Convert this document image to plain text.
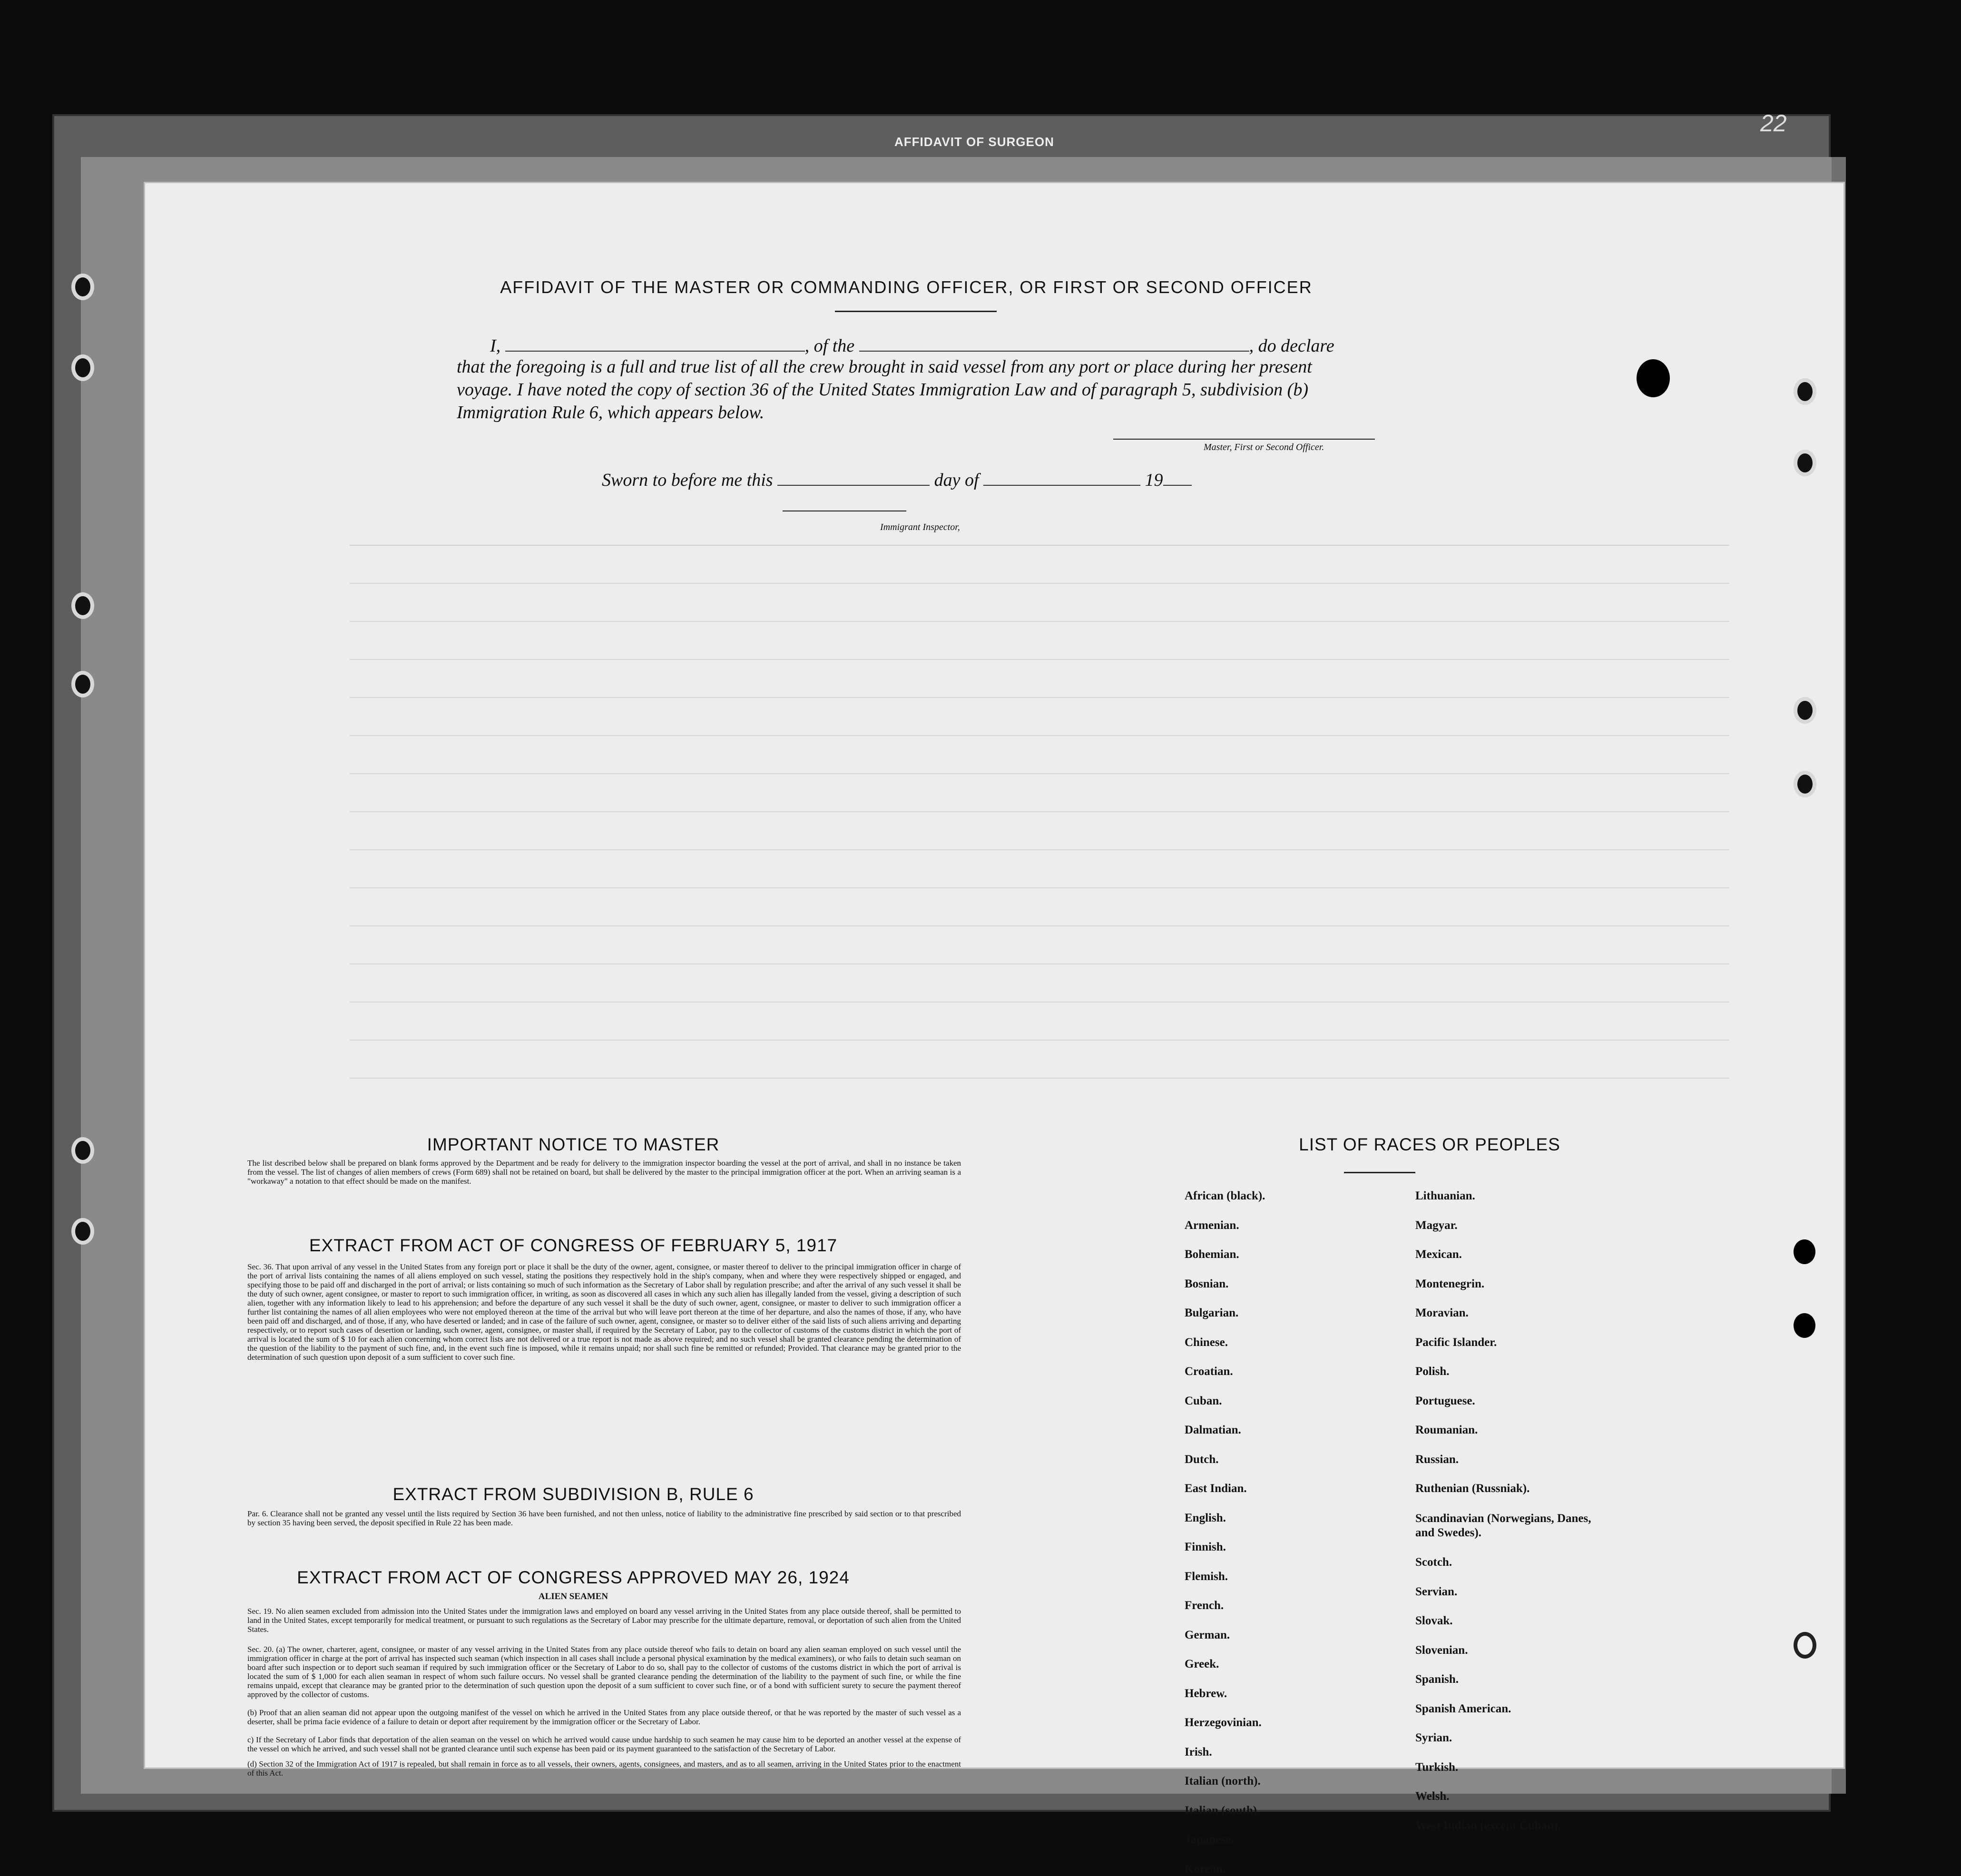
AFFIDAVIT OF SURGEON
22
AFFIDAVIT OF THE MASTER OR COMMANDING OFFICER, OR FIRST OR SECOND OFFICER
I,	, of the	, do declare
that the foregoing is a full and true list of all the crew brought in said vessel from any port or place during her present voyage. I have noted the copy of section 36 of the United States Immigration Law and of paragraph 5, subdivision (b) Immigration Rule 6, which appears below.
Master, First or Second Officer.
Sworn to before me this	day of	19
Immigrant Inspector,
IMPORTANT NOTICE TO MASTER
The list described below shall be prepared on blank forms approved by the Department and be ready for delivery to the immigration inspector boarding the vessel at the port of arrival, and shall in no instance be taken from the vessel. The list of changes of alien members of crews (Form 689) shall not be retained on board, but shall be delivered by the master to the principal immigration officer at the port. When an arriving seaman is a "workaway" a notation to that effect should be made on the manifest.
EXTRACT FROM ACT OF CONGRESS OF FEBRUARY 5, 1917
Sec. 36. That upon arrival of any vessel in the United States from any foreign port or place it shall be the duty of the owner, agent, consignee, or master thereof to deliver to the principal immigration officer in charge of the port of arrival lists containing the names of all aliens employed on such vessel, stating the positions they respectively hold in the ship's company, when and where they were respectively shipped or engaged, and specifying those to be paid off and discharged in the port of arrival; or lists containing so much of such information as the Secretary of Labor shall by regulation prescribe; and after the arrival of any such vessel it shall be the duty of such owner, agent consignee, or master to report to such immigration officer, in writing, as soon as discovered all cases in which any such alien has illegally landed from the vessel, giving a description of such alien, together with any information likely to lead to his apprehension; and before the departure of any such vessel it shall be the duty of such owner, agent, consignee, or master to deliver to such immigration officer a further list containing the names of all alien employees who were not employed thereon at the time of the arrival but who will leave port thereon at the time of her departure, and also the names of those, if any, who have been paid off and discharged, and of those, if any, who have deserted or landed; and in case of the failure of such owner, agent, consignee, or master so to deliver either of the said lists of such aliens arriving and departing respectively, or to report such cases of desertion or landing, such owner, agent, consignee, or master shall, if required by the Secretary of Labor, pay to the collector of customs of the customs district in which the port of arrival is located the sum of $ 10 for each alien concerning whom correct lists are not delivered or a true report is not made as above required; and no such vessel shall be granted clearance pending the determination of the question of the liability to the payment of such fine, and, in the event such fine is imposed, while it remains unpaid; nor shall such fine be remitted or refunded; Provided. That clearance may be granted prior to the determination of such question upon deposit of a sum sufficient to cover such fine.
EXTRACT FROM SUBDIVISION B, RULE 6
Par. 6. Clearance shall not be granted any vessel until the lists required by Section 36 have been furnished, and not then unless, notice of liability to the administrative fine prescribed by said section or to that prescribed by section 35 having been served, the deposit specified in Rule 22 has been made.
EXTRACT FROM ACT OF CONGRESS APPROVED MAY 26, 1924
ALIEN SEAMEN
Sec. 19. No alien seamen excluded from admission into the United States under the immigration laws and employed on board any vessel arriving in the United States from any place outside thereof, shall be permitted to land in the United States, except temporarily for medical treatment, or pursuant to such regulations as the Secretary of Labor may prescribe for the ultimate departure, removal, or deportation of such alien from the United States.
Sec. 20. (a) The owner, charterer, agent, consignee, or master of any vessel arriving in the United States from any place outside thereof who fails to detain on board any alien seaman employed on such vessel until the immigration officer in charge at the port of arrival has inspected such seaman (which inspection in all cases shall include a personal physical examination by the medical examiners), or who fails to detain such seaman on board after such inspection or to deport such seaman if required by such immigration officer or the Secretary of Labor to do so, shall pay to the collector of customs of the customs district in which the port of arrival is located the sum of $ 1,000 for each alien seaman in respect of whom such failure occurs. No vessel shall be granted clearance pending the determination of the liability to the payment of such fine, or while the fine remains unpaid, except that clearance may be granted prior to the determination of such question upon the deposit of a sum sufficient to cover such fine, or of a bond with sufficient surety to secure the payment thereof approved by the collector of customs.
(b) Proof that an alien seaman did not appear upon the outgoing manifest of the vessel on which he arrived in the United States from any place outside thereof, or that he was reported by the master of such vessel as a deserter, shall be prima facie evidence of a failure to detain or deport after requirement by the immigration officer or the Secretary of Labor.
c) If the Secretary of Labor finds that deportation of the alien seaman on the vessel on which he arrived would cause undue hardship to such seamen he may cause him to be deported an another vessel at the expense of the vessel on which he arrived, and such vessel shall not be granted clearance until such expense has been paid or its payment guaranteed to the satisfaction of the Secretary of Labor.
LIST OF RACES OR PEOPLES
African (black).
Armenian.
Bohemian.
Bosnian.
Bulgarian.
Chinese.
Croatian.
Cuban.
Dalmatian.
Dutch.
East Indian.
English.
Finnish.
Flemish.
French.
German.
Greek.
Hebrew.
Herzegovinian.
Irish.
Italian (north).
Italian (south).
Japanese.
Korean.
Lithuanian.
Magyar.
Mexican.
Montenegrin.
Moravian.
Pacific Islander.
Polish.
Portuguese.
Roumanian.
Russian.
Ruthenian (Russniak).
Scandinavian (Norwegians, Danes, and Swedes).
Scotch.
Servian.
Slovak.
Slovenian.
Spanish.
Spanish American.
Syrian.
Turkish.
Welsh.
West Indian (except Cuban).
(d) Section 32 of the Immigration Act of 1917 is repealed, but shall remain in force as to all vessels, their owners, agents, consignees, and masters, and as to all seamen, arriving in the United States prior to the enactment of this Act.
